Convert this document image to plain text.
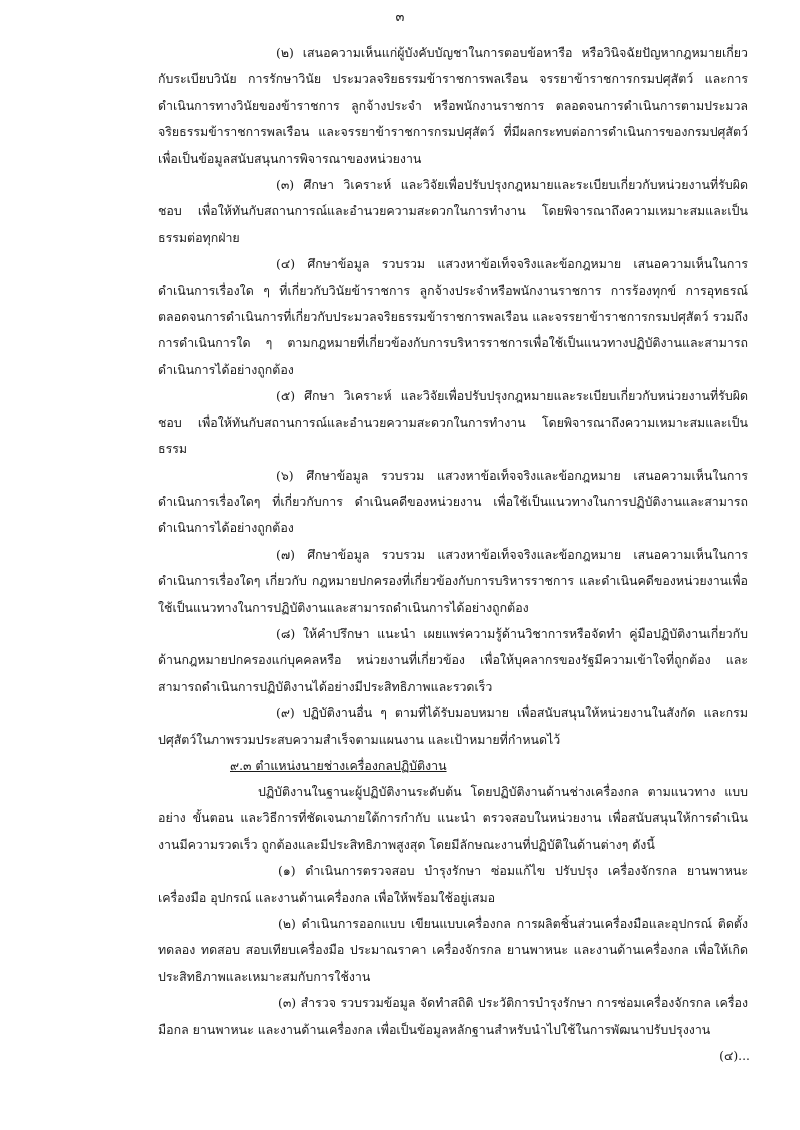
๓

(๒) เสนอความเห็นแก่ผู้บังคับบัญชาในการตอบข้อหารือ หรือวินิจฉัยปัญหากฎหมายเกี่ยวกับระเบียบวินัย การรักษาวินัย ประมวลจริยธรรมข้าราชการพลเรือน จรรยาข้าราชการกรมปศุสัตว์ และการดำเนินการทางวินัยของข้าราชการ ลูกจ้างประจำ หรือพนักงานราชการ ตลอดจนการดำเนินการตามประมวลจริยธรรมข้าราชการพลเรือน และจรรยาข้าราชการกรมปศุสัตว์ ที่มีผลกระทบต่อการดำเนินการของกรมปศุสัตว์เพื่อเป็นข้อมูลสนับสนุนการพิจารณาของหน่วยงาน

(๓) ศึกษา วิเคราะห์ และวิจัยเพื่อปรับปรุงกฎหมายและระเบียบเกี่ยวกับหน่วยงานที่รับผิดชอบ เพื่อให้ทันกับสถานการณ์และอำนวยความสะดวกในการทำงาน โดยพิจารณาถึงความเหมาะสมและเป็นธรรมต่อทุกฝ่าย

(๔) ศึกษาข้อมูล รวบรวม แสวงหาข้อเท็จจริงและข้อกฎหมาย เสนอความเห็นในการดำเนินการเรื่องใด ๆ ที่เกี่ยวกับวินัยข้าราชการ ลูกจ้างประจำหรือพนักงานราชการ การร้องทุกข์ การอุทธรณ์ ตลอดจนการดำเนินการที่เกี่ยวกับประมวลจริยธรรมข้าราชการพลเรือน และจรรยาข้าราชการกรมปศุสัตว์ รวมถึงการดำเนินการใด ๆ ตามกฎหมายที่เกี่ยวข้องกับการบริหารราชการเพื่อใช้เป็นแนวทางปฏิบัติงานและสามารถดำเนินการได้อย่างถูกต้อง

(๕) ศึกษา วิเคราะห์ และวิจัยเพื่อปรับปรุงกฎหมายและระเบียบเกี่ยวกับหน่วยงานที่รับผิดชอบ เพื่อให้ทันกับสถานการณ์และอำนวยความสะดวกในการทำงาน โดยพิจารณาถึงความเหมาะสมและเป็นธรรม

(๖) ศึกษาข้อมูล รวบรวม แสวงหาข้อเท็จจริงและข้อกฎหมาย เสนอความเห็นในการดำเนินการเรื่องใดๆ ที่เกี่ยวกับการ ดำเนินคดีของหน่วยงาน เพื่อใช้เป็นแนวทางในการปฏิบัติงานและสามารถดำเนินการได้อย่างถูกต้อง

(๗) ศึกษาข้อมูล รวบรวม แสวงหาข้อเท็จจริงและข้อกฎหมาย เสนอความเห็นในการดำเนินการเรื่องใดๆ เกี่ยวกับ กฎหมายปกครองที่เกี่ยวข้องกับการบริหารราชการ และดำเนินคดีของหน่วยงานเพื่อใช้เป็นแนวทางในการปฏิบัติงานและสามารถดำเนินการได้อย่างถูกต้อง

(๘) ให้คำปรึกษา แนะนำ เผยแพร่ความรู้ด้านวิชาการหรือจัดทำ คู่มือปฏิบัติงานเกี่ยวกับด้านกฎหมายปกครองแก่บุคคลหรือ หน่วยงานที่เกี่ยวข้อง เพื่อให้บุคลากรของรัฐมีความเข้าใจที่ถูกต้อง และสามารถดำเนินการปฏิบัติงานได้อย่างมีประสิทธิภาพและรวดเร็ว

(๙) ปฏิบัติงานอื่น ๆ ตามที่ได้รับมอบหมาย เพื่อสนับสนุนให้หน่วยงานในสังกัด และกรมปศุสัตว์ในภาพรวมประสบความสำเร็จตามแผนงาน และเป้าหมายที่กำหนดไว้

๙.๓ ตำแหน่งนายช่างเครื่องกลปฏิบัติงาน

ปฏิบัติงานในฐานะผู้ปฏิบัติงานระดับต้น โดยปฏิบัติงานด้านช่างเครื่องกล ตามแนวทาง แบบอย่าง ขั้นตอน และวิธีการที่ชัดเจนภายใต้การกำกับ แนะนำ ตรวจสอบในหน่วยงาน เพื่อสนับสนุนให้การดำเนินงานมีความรวดเร็ว ถูกต้องและมีประสิทธิภาพสูงสุด โดยมีลักษณะงานที่ปฏิบัติในด้านต่างๆ ดังนี้

(๑) ดำเนินการตรวจสอบ บำรุงรักษา ซ่อมแก้ไข ปรับปรุง เครื่องจักรกล ยานพาหนะ เครื่องมือ อุปกรณ์ และงานด้านเครื่องกล เพื่อให้พร้อมใช้อยู่เสมอ

(๒) ดำเนินการออกแบบ เขียนแบบเครื่องกล การผลิตชิ้นส่วนเครื่องมือและอุปกรณ์ ติดตั้ง ทดลอง ทดสอบ สอบเทียบเครื่องมือ ประมาณราคา เครื่องจักรกล ยานพาหนะ และงานด้านเครื่องกล เพื่อให้เกิดประสิทธิภาพและเหมาะสมกับการใช้งาน

(๓) สำรวจ รวบรวมข้อมูล จัดทำสถิติ ประวัติการบำรุงรักษา การซ่อมเครื่องจักรกล เครื่องมือกล ยานพาหนะ และงานด้านเครื่องกล เพื่อเป็นข้อมูลหลักฐานสำหรับนำไปใช้ในการพัฒนาปรับปรุงงาน

(๔)...
